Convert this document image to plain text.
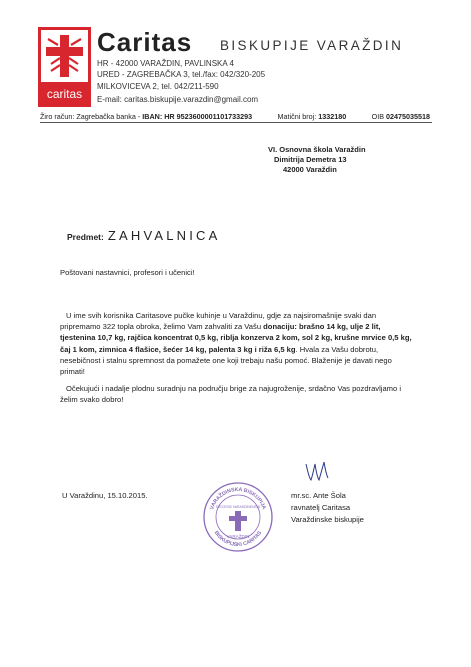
caritas
Caritas BISKUPIJE VARAŽDIN
HR - 42000 VARAŽDIN, PAVLINSKA 4
URED - ZAGREBAČKA 3, tel./fax: 042/320-205
MILKOVICEVA 2, tel. 042/211-590
E-mail: caritas.biskupije.varazdin@gmail.com
Žiro račun: Zagrebačka banka - IBAN: HR 9523600001101733293	Matični broj: 1332180	OIB 02475035518
VI. Osnovna škola Varaždin
Dimitrija Demetra 13
42000 Varaždin
Predmet: ZAHVALNICA
Poštovani nastavnici, profesori i učenici!
U ime svih korisnika Caritasove pučke kuhinje u Varaždinu, gdje za najsiromašnije svaki dan pripremamo 322 topla obroka, želimo Vam zahvaliti za Vašu donaciju: brašno 14 kg, ulje 2 lit, tjestenina 10,7 kg, rajčica koncentrat 0,5 kg, riblja konzerva 2 kom, sol 2 kg, krušne mrvice 0,5 kg, čaj 1 kom, zimnica 4 flašice, šećer 14 kg, palenta 3 kg i riža 6,5 kg. Hvala za Vašu dobrotu, nesebičnost i stalnu spremnost da pomažete one koji trebaju našu pomoć. Blaženije je davati nego primati!
Očekujući i nadalje plodnu suradnju na području brige za najugroženije, srdačno Vas pozdravljamo i želim svako dobro!
U Varaždinu, 15.10.2015.
VARAŽDINSKA BISKUPIJA
BISKUPIJSKI CARITAS
DIECESIS VARASDINENSIS
VARAŽDIN
mr.sc. Ante Šola
ravnatelj Caritasa
Varaždinske biskupije
